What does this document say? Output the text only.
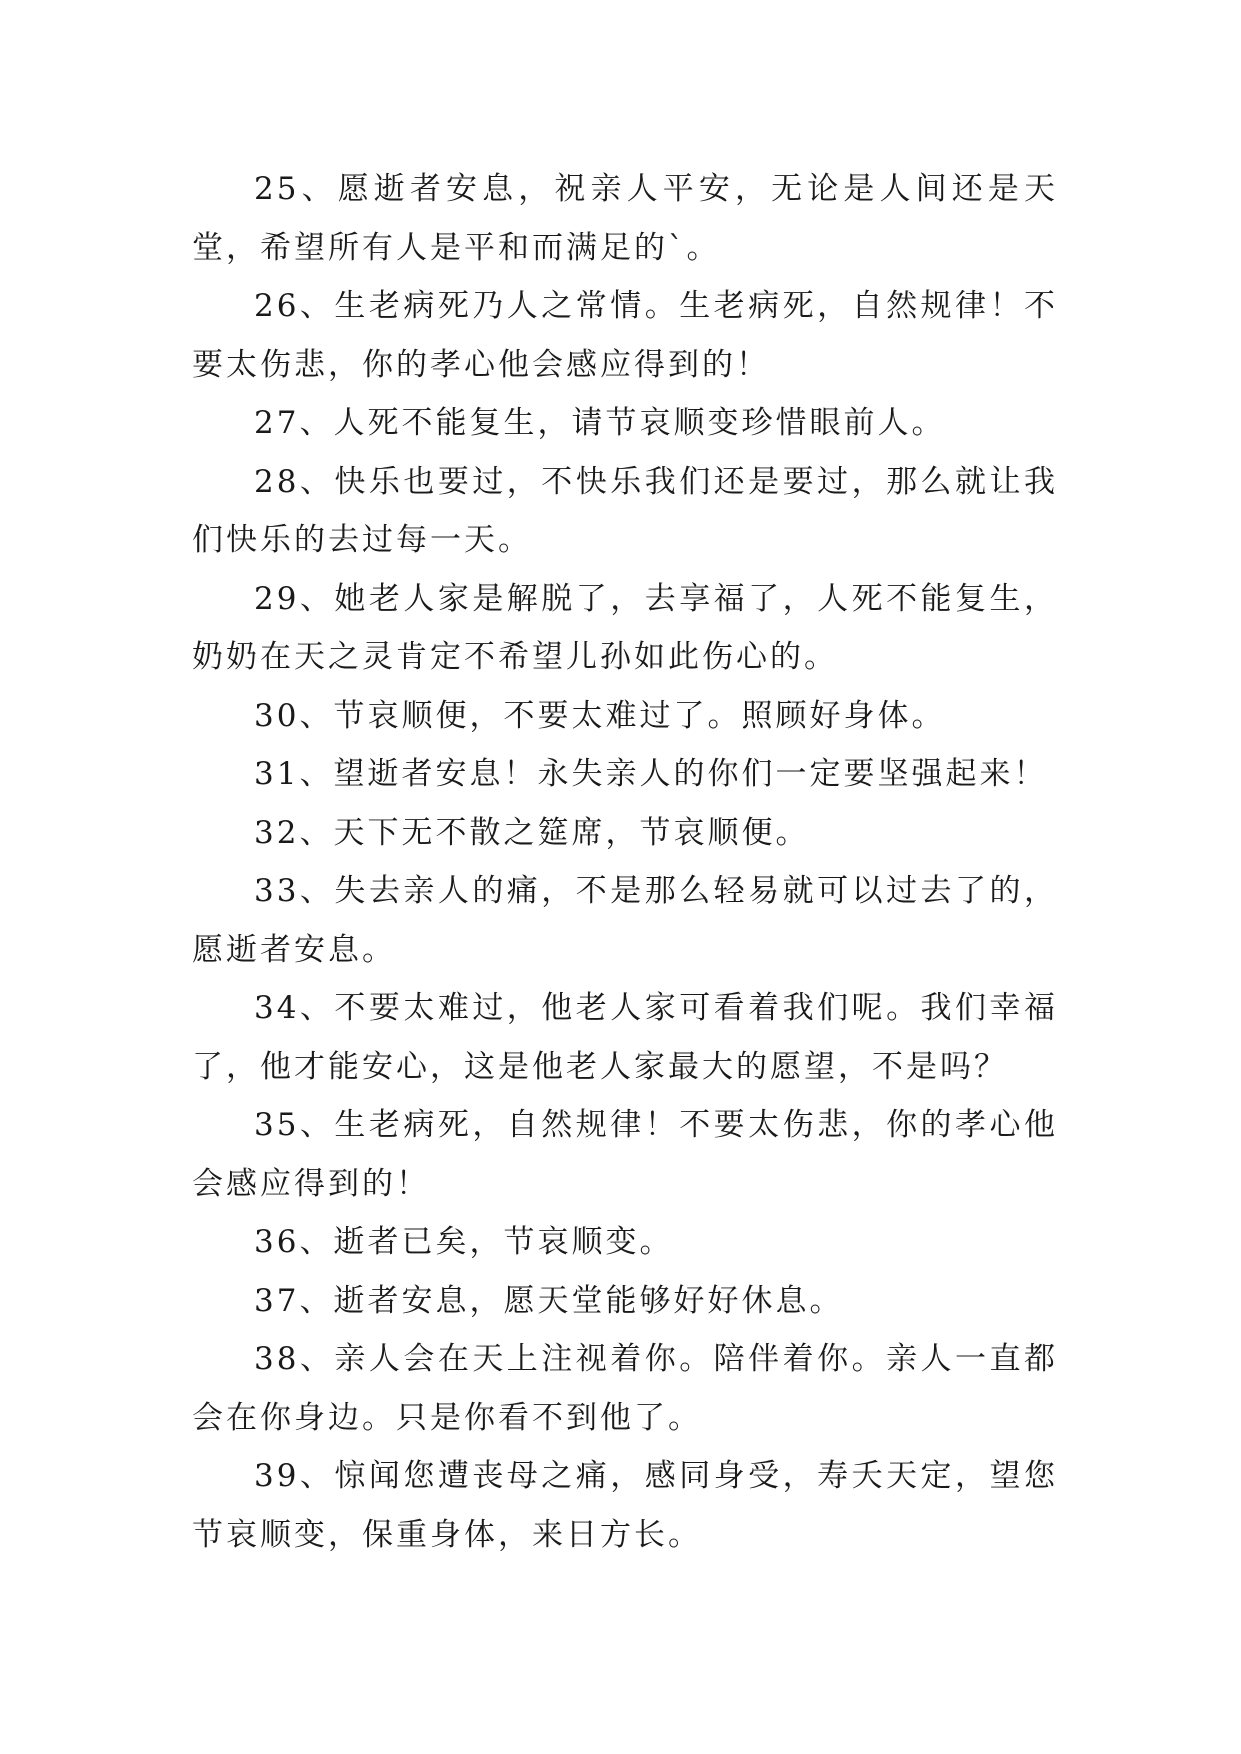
25、愿逝者安息，祝亲人平安，无论是人间还是天堂，希望所有人是平和而满足的`。

26、生老病死乃人之常情。生老病死，自然规律！不要太伤悲，你的孝心他会感应得到的！

27、人死不能复生，请节哀顺变珍惜眼前人。

28、快乐也要过，不快乐我们还是要过，那么就让我们快乐的去过每一天。

29、她老人家是解脱了，去享福了，人死不能复生，奶奶在天之灵肯定不希望儿孙如此伤心的。

30、节哀顺便，不要太难过了。照顾好身体。

31、望逝者安息！永失亲人的你们一定要坚强起来！

32、天下无不散之筵席，节哀顺便。

33、失去亲人的痛，不是那么轻易就可以过去了的，愿逝者安息。

34、不要太难过，他老人家可看着我们呢。我们幸福了，他才能安心，这是他老人家最大的愿望，不是吗？

35、生老病死，自然规律！不要太伤悲，你的孝心他会感应得到的！

36、逝者已矣，节哀顺变。

37、逝者安息，愿天堂能够好好休息。

38、亲人会在天上注视着你。陪伴着你。亲人一直都会在你身边。只是你看不到他了。

39、惊闻您遭丧母之痛，感同身受，寿夭天定，望您节哀顺变，保重身体，来日方长。
